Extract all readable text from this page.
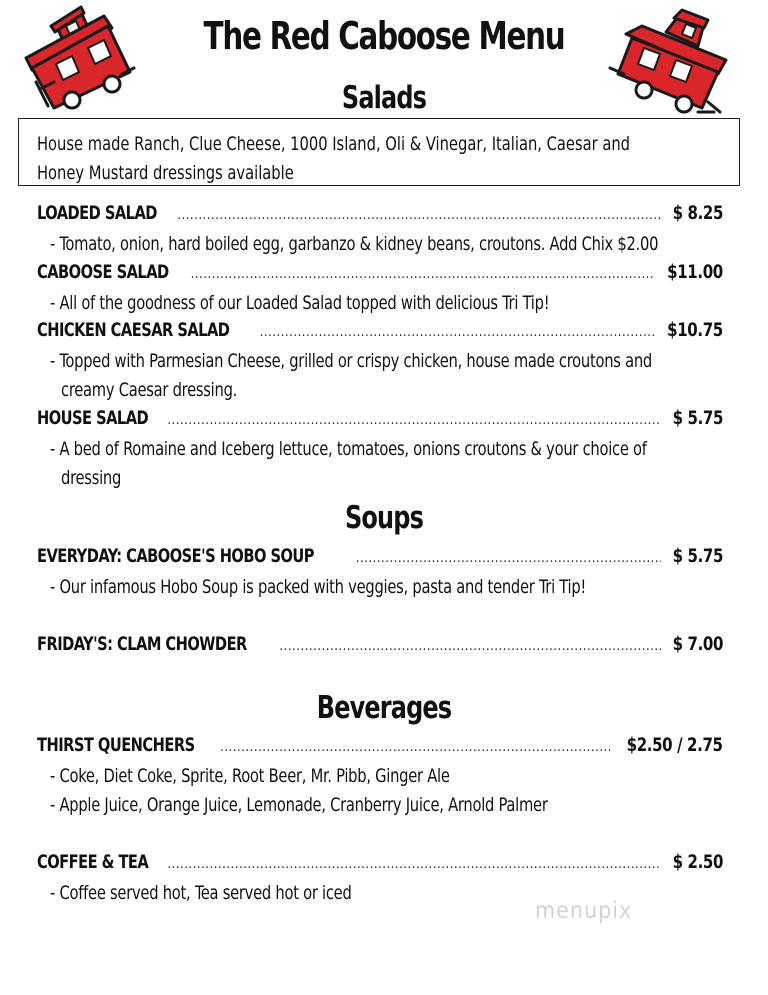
The Red Caboose Menu
Salads
House made Ranch, Clue Cheese, 1000 Island, Oli & Vinegar, Italian, Caesar and Honey Mustard dressings available
LOADED SALAD .....	$ 8.25
- Tomato, onion, hard boiled egg, garbanzo & kidney beans, croutons. Add Chix $2.00
CABOOSE SALAD .....	$11.00
- All of the goodness of our Loaded Salad topped with delicious Tri Tip!
CHICKEN CAESAR SALAD .....	$10.75
- Topped with Parmesian Cheese, grilled or crispy chicken, house made croutons and
creamy Caesar dressing.
HOUSE SALAD .....	$ 5.75
- A bed of Romaine and Iceberg lettuce, tomatoes, onions croutons & your choice of
dressing
Soups
EVERYDAY: CABOOSE'S HOBO SOUP .....	$ 5.75
- Our infamous Hobo Soup is packed with veggies, pasta and tender Tri Tip!
FRIDAY'S: CLAM CHOWDER .....	$ 7.00
Beverages
THIRST QUENCHERS .....	$2.50 / 2.75
- Coke, Diet Coke, Sprite, Root Beer, Mr. Pibb, Ginger Ale
- Apple Juice, Orange Juice, Lemonade, Cranberry Juice, Arnold Palmer
COFFEE & TEA .....	$ 2.50
- Coffee served hot, Tea served hot or iced
menupix
